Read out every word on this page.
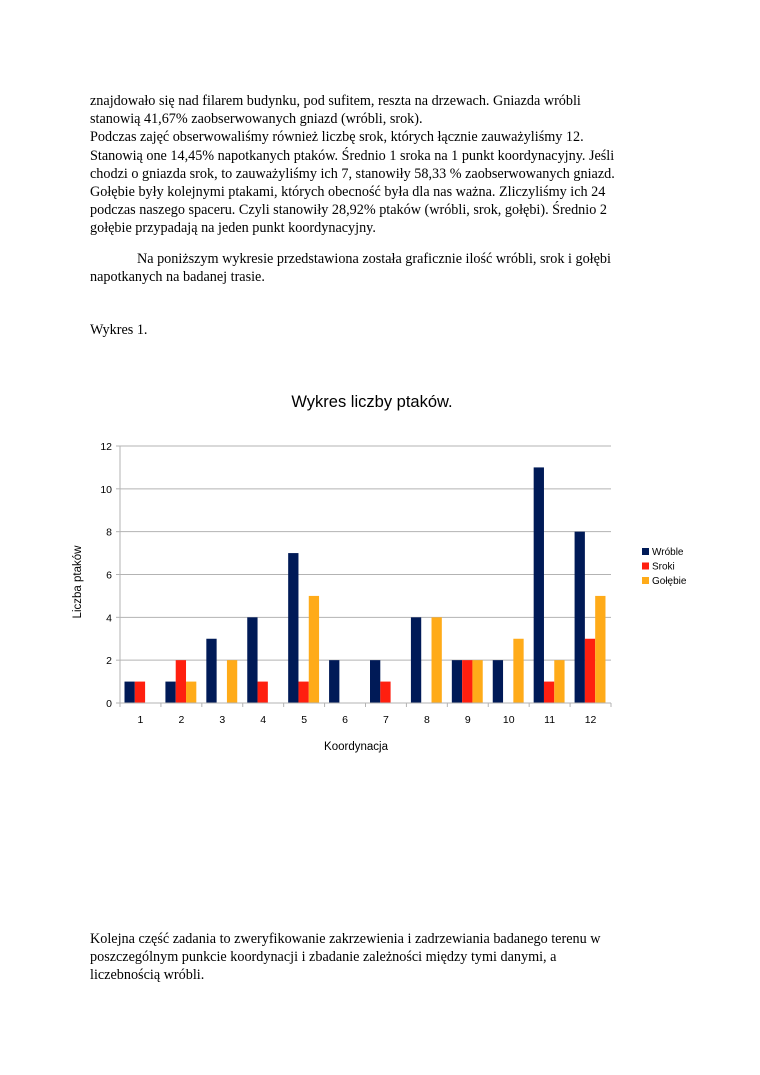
znajdowało się nad filarem budynku, pod sufitem, reszta na drzewach. Gniazda wróbli

stanowią 41,67% zaobserwowanych gniazd (wróbli, srok).

Podczas zajęć obserwowaliśmy również liczbę srok, których łącznie zauważyliśmy 12.

Stanowią one 14,45% napotkanych ptaków. Średnio 1 sroka na 1 punkt koordynacyjny. Jeśli

chodzi o gniazda srok, to zauważyliśmy ich 7, stanowiły 58,33 % zaobserwowanych gniazd.

Gołębie były kolejnymi ptakami, których obecność była dla nas ważna. Zliczyliśmy ich 24

podczas naszego spaceru. Czyli stanowiły 28,92% ptaków (wróbli, srok, gołębi). Średnio 2

gołębie przypadają na jeden punkt koordynacyjny.

Na poniższym wykresie przedstawiona została graficznie ilość wróbli, srok i gołębi

napotkanych na badanej trasie.
Wykres 1.
Wykres liczby ptaków.
0
2
4
6
8
10
12
1	2	3	4	5	6	7	8	9	10	11	12
Liczba ptaków
Koordynacja
Wróble
Sroki
Gołębie

Kolejna część zadania to zweryfikowanie zakrzewienia i zadrzewiania badanego terenu w

poszczególnym punkcie koordynacji i zbadanie zależności między tymi danymi, a

liczebnością wróbli.
